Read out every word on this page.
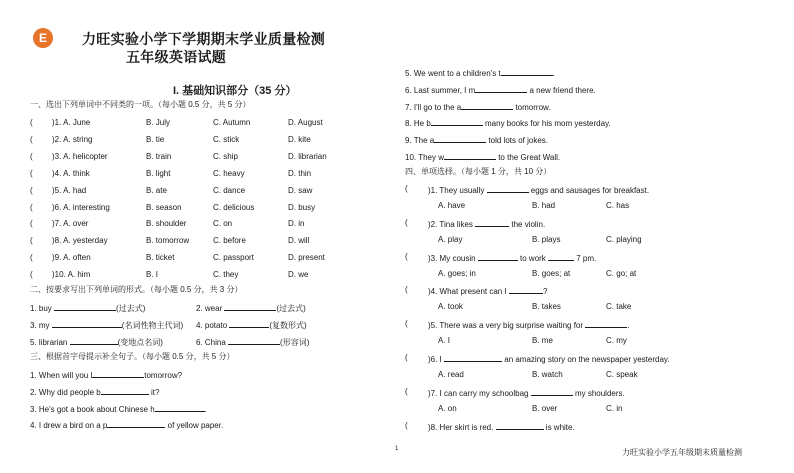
E	力旺实验小学下学期期末学业质量检测
五年级英语试题
I. 基础知识部分（35 分）
一、选出下列单词中不同类的一项。（每小题 0.5 分，共 5 分）
( )1. A. June	B. July	C. Autumn	D. August
( )2. A. string	B. tie	C. stick	D. kite
( )3. A. helicopter	B. train	C. ship	D. librarian
( )4. A. think	B. light	C. heavy	D. thin
( )5. A. had	B. ate	C. dance	D. saw
( )6. A. interesting	B. season	C. delicious	D. busy
( )7. A. over	B. shoulder	C. on	D. in
( )8. A. yesterday	B. tomorrow	C. before	D. will
( )9. A. often	B. ticket	C. passport	D. present
( )10. A. him	B. I	C. they	D. we
二、按要求写出下列单词的形式。（每小题 0.5 分，共 3 分）
1. buy	(过去式)	2. wear	(过去式)
3. my	(名词性物主代词) 4. potato	(复数形式)
5. librarian	(变地点名词)	6. China	(形容词)
三、根据首字母提示补全句子。（每小题 0.5 分，共 5 分）
1. When will you l	tomorrow?
2. Why did people b	it?
3. He's got a book about Chinese h	.
4. I drew a bird on a p	of yellow paper.
5. We went to a children's t	.
6. Last summer, I m	a new friend there.
7. I'll go to the a	tomorrow.
8. He b	many books for his mom yesterday.
9. The a	told lots of jokes.
10. They w	to the Great Wall.
四、单项选择。（每小题 1 分，共 10 分）
(	)1. They usually	eggs and sausages for breakfast.
A. have	B. had	C. has
(	)2. Tina likes	the violin.
A. play	B. plays	C. playing
(	)3. My cousin	to work	7 pm.
A. goes; in	B. goes; at	C. go; at
(	)4. What present can I	?
A. took	B. takes	C. take
(	)5. There was a very big surprise waiting for	.
A. I	B. me	C. my
(	)6. I	an amazing story on the newspaper yesterday.
A. read	B. watch	C. speak
(	)7. I can carry my schoolbag	my shoulders.
A. on	B. over	C. in
(	)8. Her skirt is red.	is white.
1	力旺实验小学五年级期末质量检测
